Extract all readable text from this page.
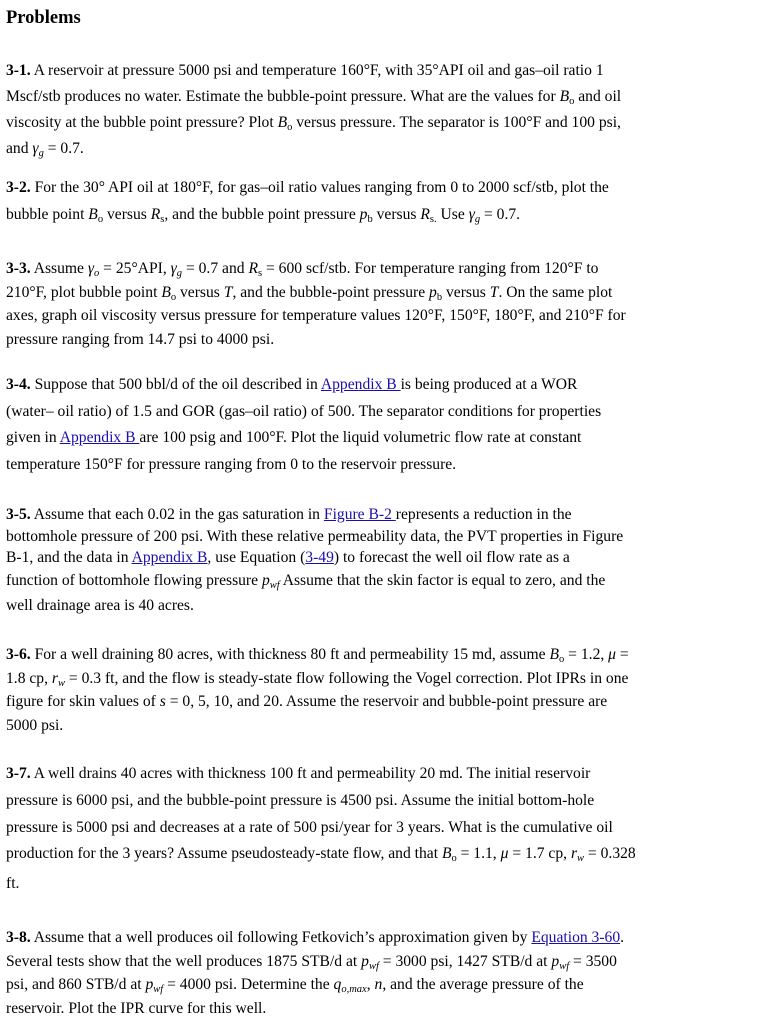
Problems
3-1. A reservoir at pressure 5000 psi and temperature 160°F, with 35°API oil and gas–oil ratio 1
Mscf/stb produces no water. Estimate the bubble-point pressure. What are the values for $B_o$ and oil
viscosity at the bubble point pressure? Plot $B_o$ versus pressure. The separator is 100°F and 100 psi,
and $\gamma_g = 0.7$.
3-2. For the 30° API oil at 180°F, for gas–oil ratio values ranging from 0 to 2000 scf/stb, plot the
bubble point $B_o$ versus $R_s$, and the bubble point pressure $p_b$ versus $R_{s.}$ Use $\gamma_g = 0.7$.
3-3. Assume $\gamma_o = 25^\circ API$, $\gamma_g = 0.7$ and $R_s = 600$ scf/stb. For temperature ranging from 120°F to
210°F, plot bubble point $B_o$ versus T, and the bubble-point pressure $p_b$ versus T. On the same plot
axes, graph oil viscosity versus pressure for temperature values 120°F, 150°F, 180°F, and 210°F for
pressure ranging from 14.7 psi to 4000 psi.
3-4. Suppose that 500 bbl/d of the oil described in Appendix B is being produced at a WOR
(water– oil ratio) of 1.5 and GOR (gas–oil ratio) of 500. The separator conditions for properties
given in Appendix B are 100 psig and 100°F. Plot the liquid volumetric flow rate at constant
temperature 150°F for pressure ranging from 0 to the reservoir pressure.
3-5. Assume that each 0.02 in the gas saturation in Figure B-2 represents a reduction in the
bottomhole pressure of 200 psi. With these relative permeability data, the PVT properties in Figure
B-1, and the data in Appendix B, use Equation (3-49) to forecast the well oil flow rate as a
function of bottomhole flowing pressure $p_{wf}$ Assume that the skin factor is equal to zero, and the
well drainage area is 40 acres.
3-6. For a well draining 80 acres, with thickness 80 ft and permeability 15 md, assume $B_o = 1.2$, μ =
1.8 cp, $r_w = 0.3$ ft, and the flow is steady-state flow following the Vogel correction. Plot IPRs in one
figure for skin values of s = 0, 5, 10, and 20. Assume the reservoir and bubble-point pressure are
5000 psi.
3-7. A well drains 40 acres with thickness 100 ft and permeability 20 md. The initial reservoir
pressure is 6000 psi, and the bubble-point pressure is 4500 psi. Assume the initial bottom-hole
pressure is 5000 psi and decreases at a rate of 500 psi/year for 3 years. What is the cumulative oil
production for the 3 years? Assume pseudosteady-state flow, and that $B_o = 1.1$, μ = 1.7 cp, $r_w = 0.328$
ft.
3-8. Assume that a well produces oil following Fetkovich’s approximation given by Equation 3-60.
Several tests show that the well produces 1875 STB/d at $p_{wf} = 3000$ psi, 1427 STB/d at $p_{wf} = 3500$
psi, and 860 STB/d at $p_{wf} = 4000$ psi. Determine the $q_{o,max}$, n, and the average pressure of the
reservoir. Plot the IPR curve for this well.
